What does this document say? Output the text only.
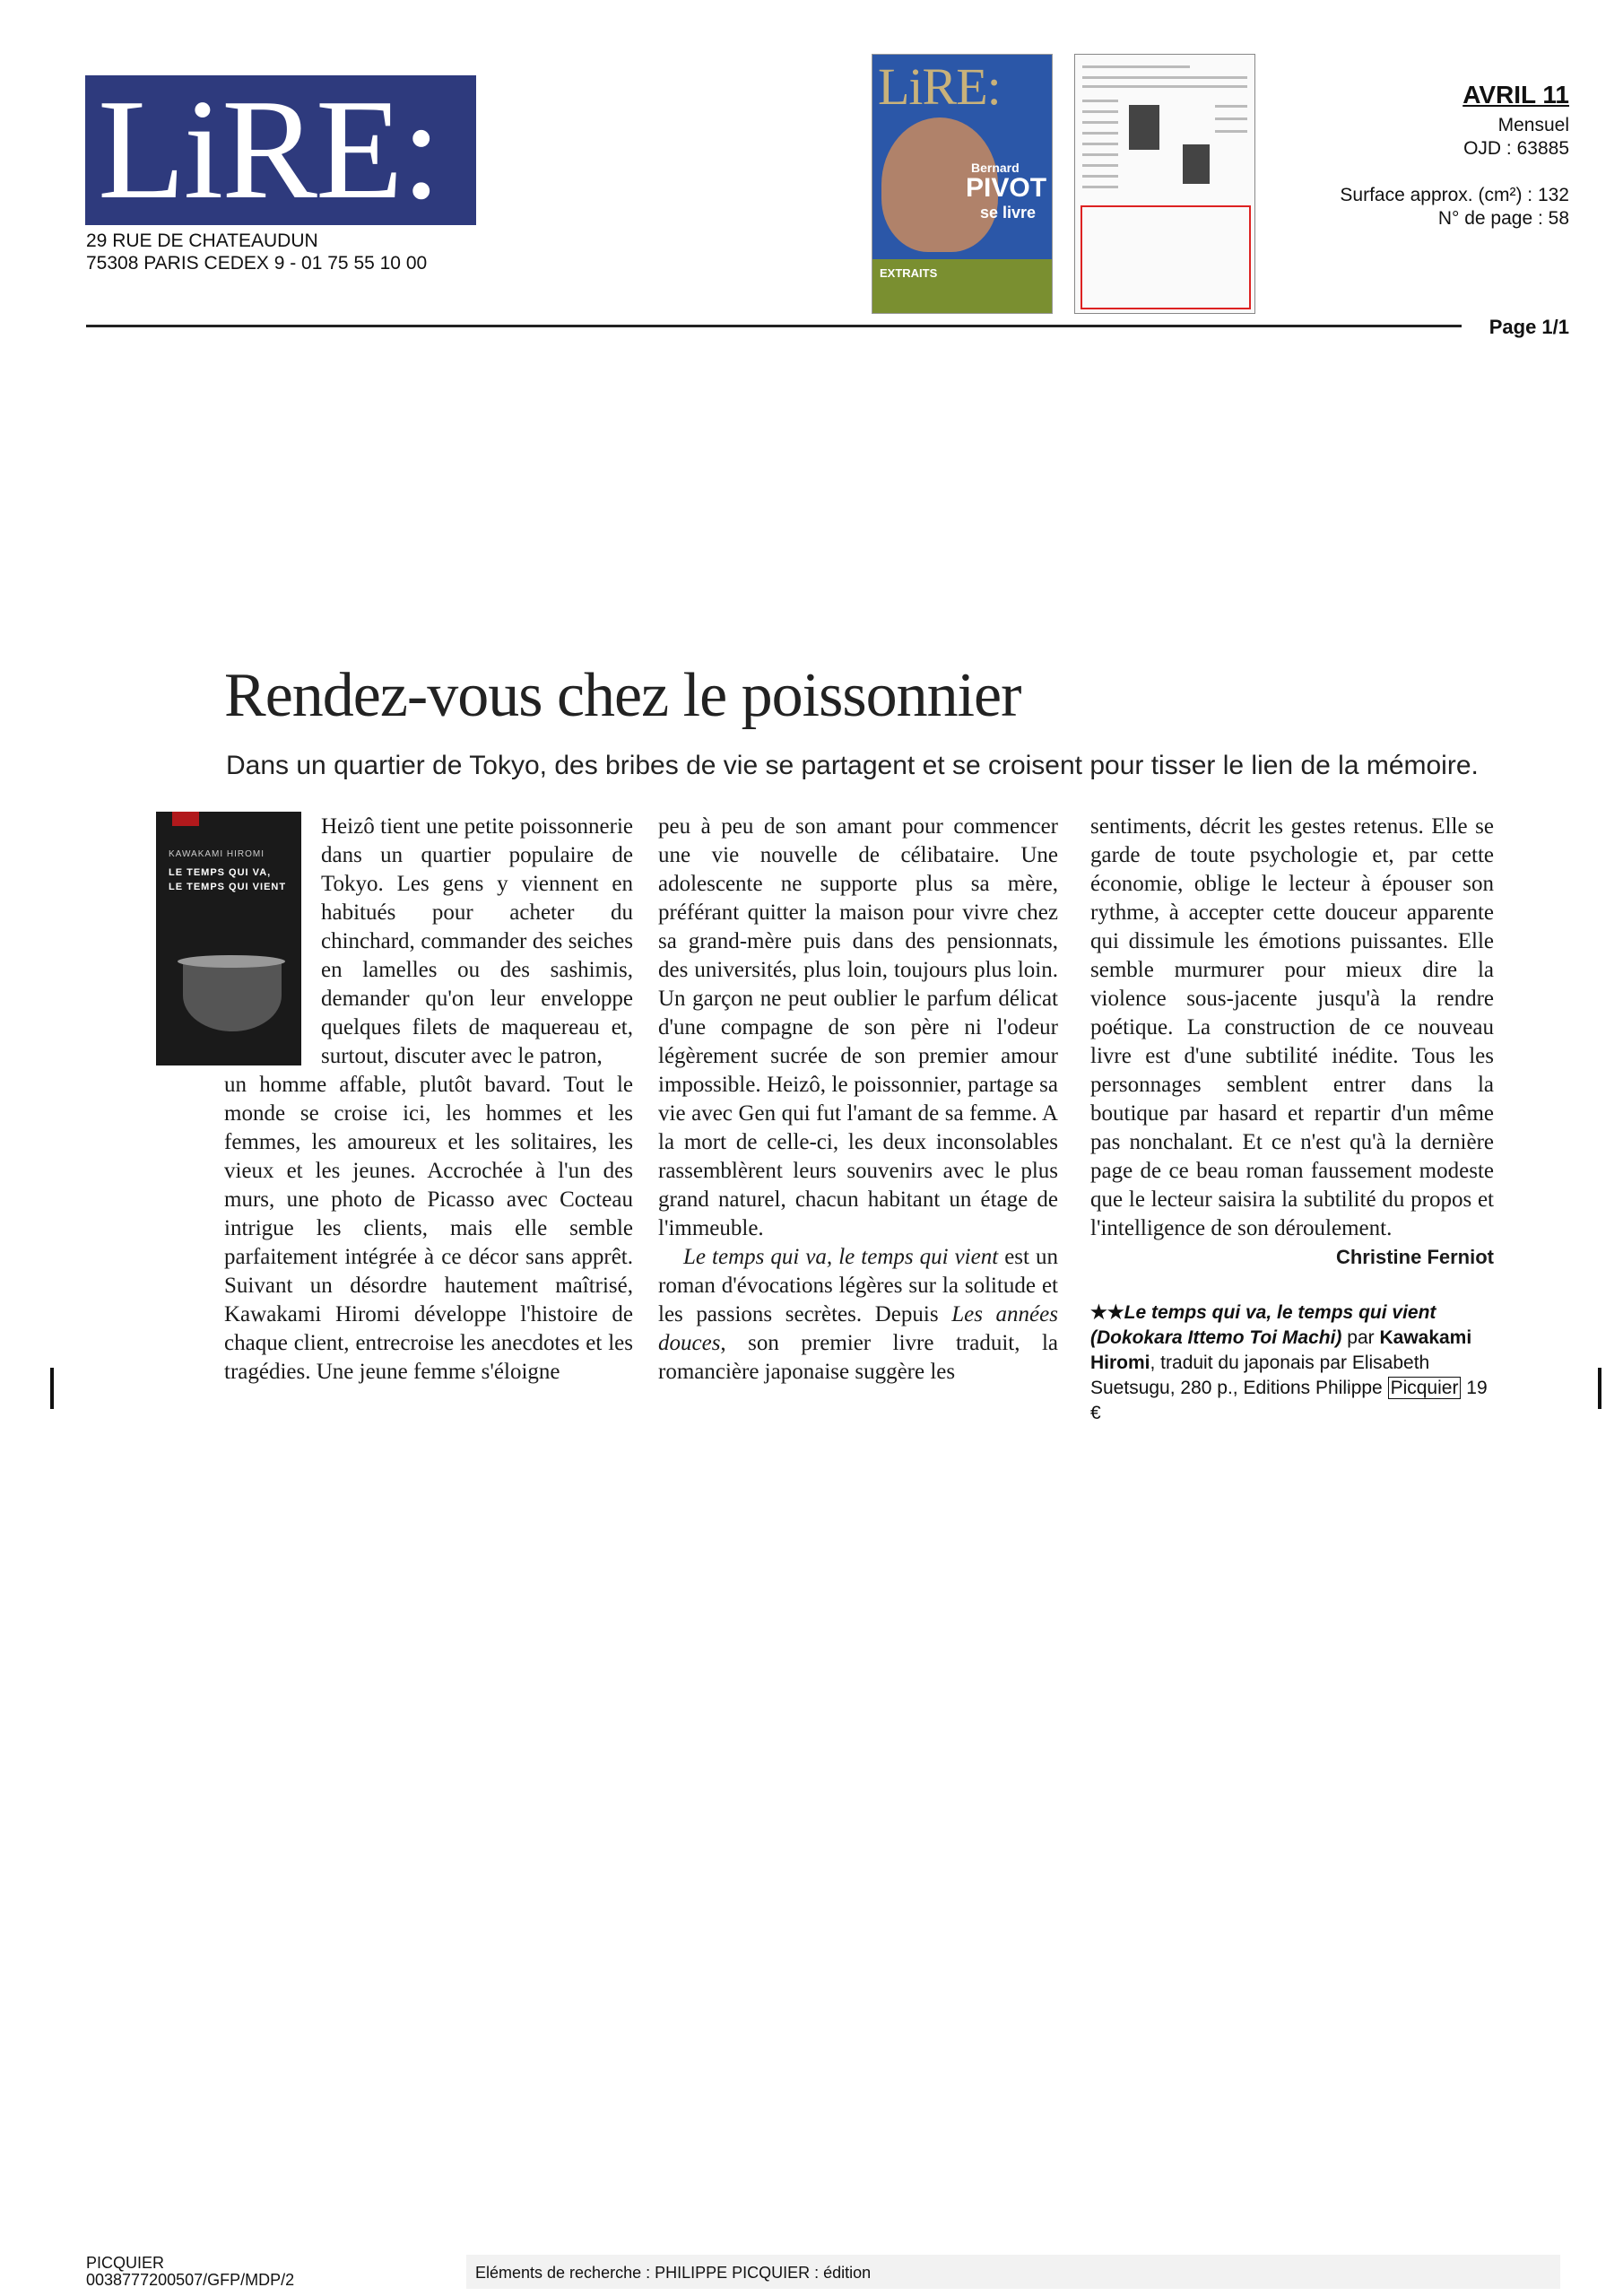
LiRE:
29 RUE DE CHATEAUDUN
75308 PARIS CEDEX 9 - 01 75 55 10 00
LiRE:
Bernard
PIVOT
se livre
EXTRAITS
AVRIL 11
Mensuel
OJD : 63885
Surface approx. (cm²) : 132
N° de page : 58
Page 1/1
Rendez-vous chez le poissonnier
Dans un quartier de Tokyo, des bribes de vie se partagent et se croisent pour tisser le lien de la mémoire.
KAWAKAMI HIROMI
LE TEMPS QUI VA,
LE TEMPS QUI VIENT
Heizô tient une petite poissonnerie dans un quartier populaire de Tokyo. Les gens y viennent en habitués pour acheter du chinchard, commander des seiches en lamelles ou des sashimis, demander qu'on leur enveloppe quelques filets de maquereau et, surtout, discuter avec le patron,
un homme affable, plutôt bavard. Tout le monde se croise ici, les hommes et les femmes, les amoureux et les solitaires, les vieux et les jeunes. Accrochée à l'un des murs, une photo de Picasso avec Cocteau intrigue les clients, mais elle semble parfaitement intégrée à ce décor sans apprêt. Suivant un désordre hautement maîtrisé, Kawakami Hiromi développe l'histoire de chaque client, entrecroise les anecdotes et les tragédies. Une jeune femme s'éloigne
peu à peu de son amant pour commencer une vie nouvelle de célibataire. Une adolescente ne supporte plus sa mère, préférant quitter la maison pour vivre chez sa grand-mère puis dans des pensionnats, des universités, plus loin, toujours plus loin. Un garçon ne peut oublier le parfum délicat d'une compagne de son père ni l'odeur légèrement sucrée de son premier amour impossible. Heizô, le poissonnier, partage sa vie avec Gen qui fut l'amant de sa femme. A la mort de celle-ci, les deux inconsolables rassemblèrent leurs souvenirs avec le plus grand naturel, chacun habitant un étage de l'immeuble.
Le temps qui va, le temps qui vient est un roman d'évocations légères sur la solitude et les passions secrètes. Depuis Les années douces, son premier livre traduit, la romancière japonaise suggère les
sentiments, décrit les gestes retenus. Elle se garde de toute psychologie et, par cette économie, oblige le lecteur à épouser son rythme, à accepter cette douceur apparente qui dissimule les émotions puissantes. Elle semble murmurer pour mieux dire la violence sous-jacente jusqu'à la rendre poétique. La construction de ce nouveau livre est d'une subtilité inédite. Tous les personnages semblent entrer dans la boutique par hasard et repartir d'un même pas nonchalant. Et ce n'est qu'à la dernière page de ce beau roman faussement modeste que le lecteur saisira la subtilité du propos et l'intelligence de son déroulement.
Christine Ferniot
★★Le temps qui va, le temps qui vient (Dokokara Ittemo Toi Machi) par Kawakami Hiromi, traduit du japonais par Elisabeth Suetsugu, 280 p., Editions Philippe Picquier 19 €
PICQUIER
0038777200507/GFP/MDP/2	Eléments de recherche : PHILIPPE PICQUIER : édition
